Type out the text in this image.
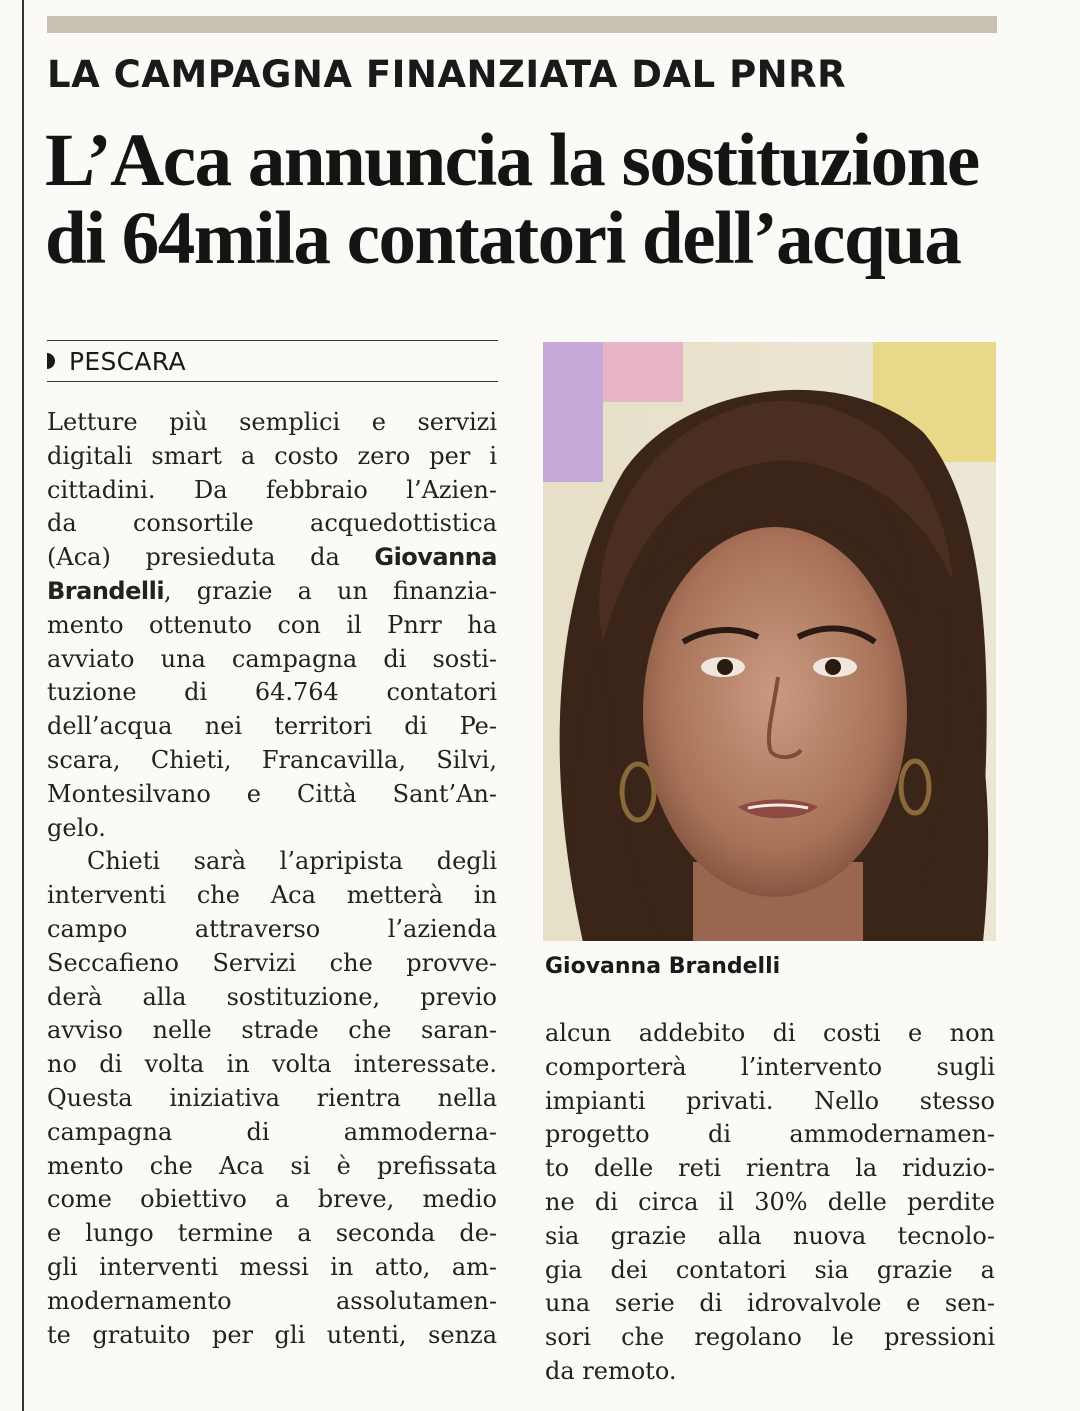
LA CAMPAGNA FINANZIATA DAL PNRR
L’Aca annuncia la sostituzione
di 64mila contatori dell’acqua
PESCARA
Letture più semplici e servizi
digitali smart a costo zero per i
cittadini. Da febbraio l’Azien-
da consortile acquedottistica
(Aca) presieduta da Giovanna
Brandelli, grazie a un finanzia-
mento ottenuto con il Pnrr ha
avviato una campagna di sosti-
tuzione di 64.764 contatori
dell’acqua nei territori di Pe-
scara, Chieti, Francavilla, Silvi,
Montesilvano e Città Sant’An-
gelo.
Chieti sarà l’apripista degli
interventi che Aca metterà in
campo attraverso l’azienda
Seccafieno Servizi che provve-
derà alla sostituzione, previo
avviso nelle strade che saran-
no di volta in volta interessate.
Questa iniziativa rientra nella
campagna di ammoderna-
mento che Aca si è prefissata
come obiettivo a breve, medio
e lungo termine a seconda de-
gli interventi messi in atto, am-
modernamento assolutamen-
te gratuito per gli utenti, senza
Giovanna Brandelli
alcun addebito di costi e non
comporterà l’intervento sugli
impianti privati. Nello stesso
progetto di ammodernamen-
to delle reti rientra la riduzio-
ne di circa il 30% delle perdite
sia grazie alla nuova tecnolo-
gia dei contatori sia grazie a
una serie di idrovalvole e sen-
sori che regolano le pressioni
da remoto.
